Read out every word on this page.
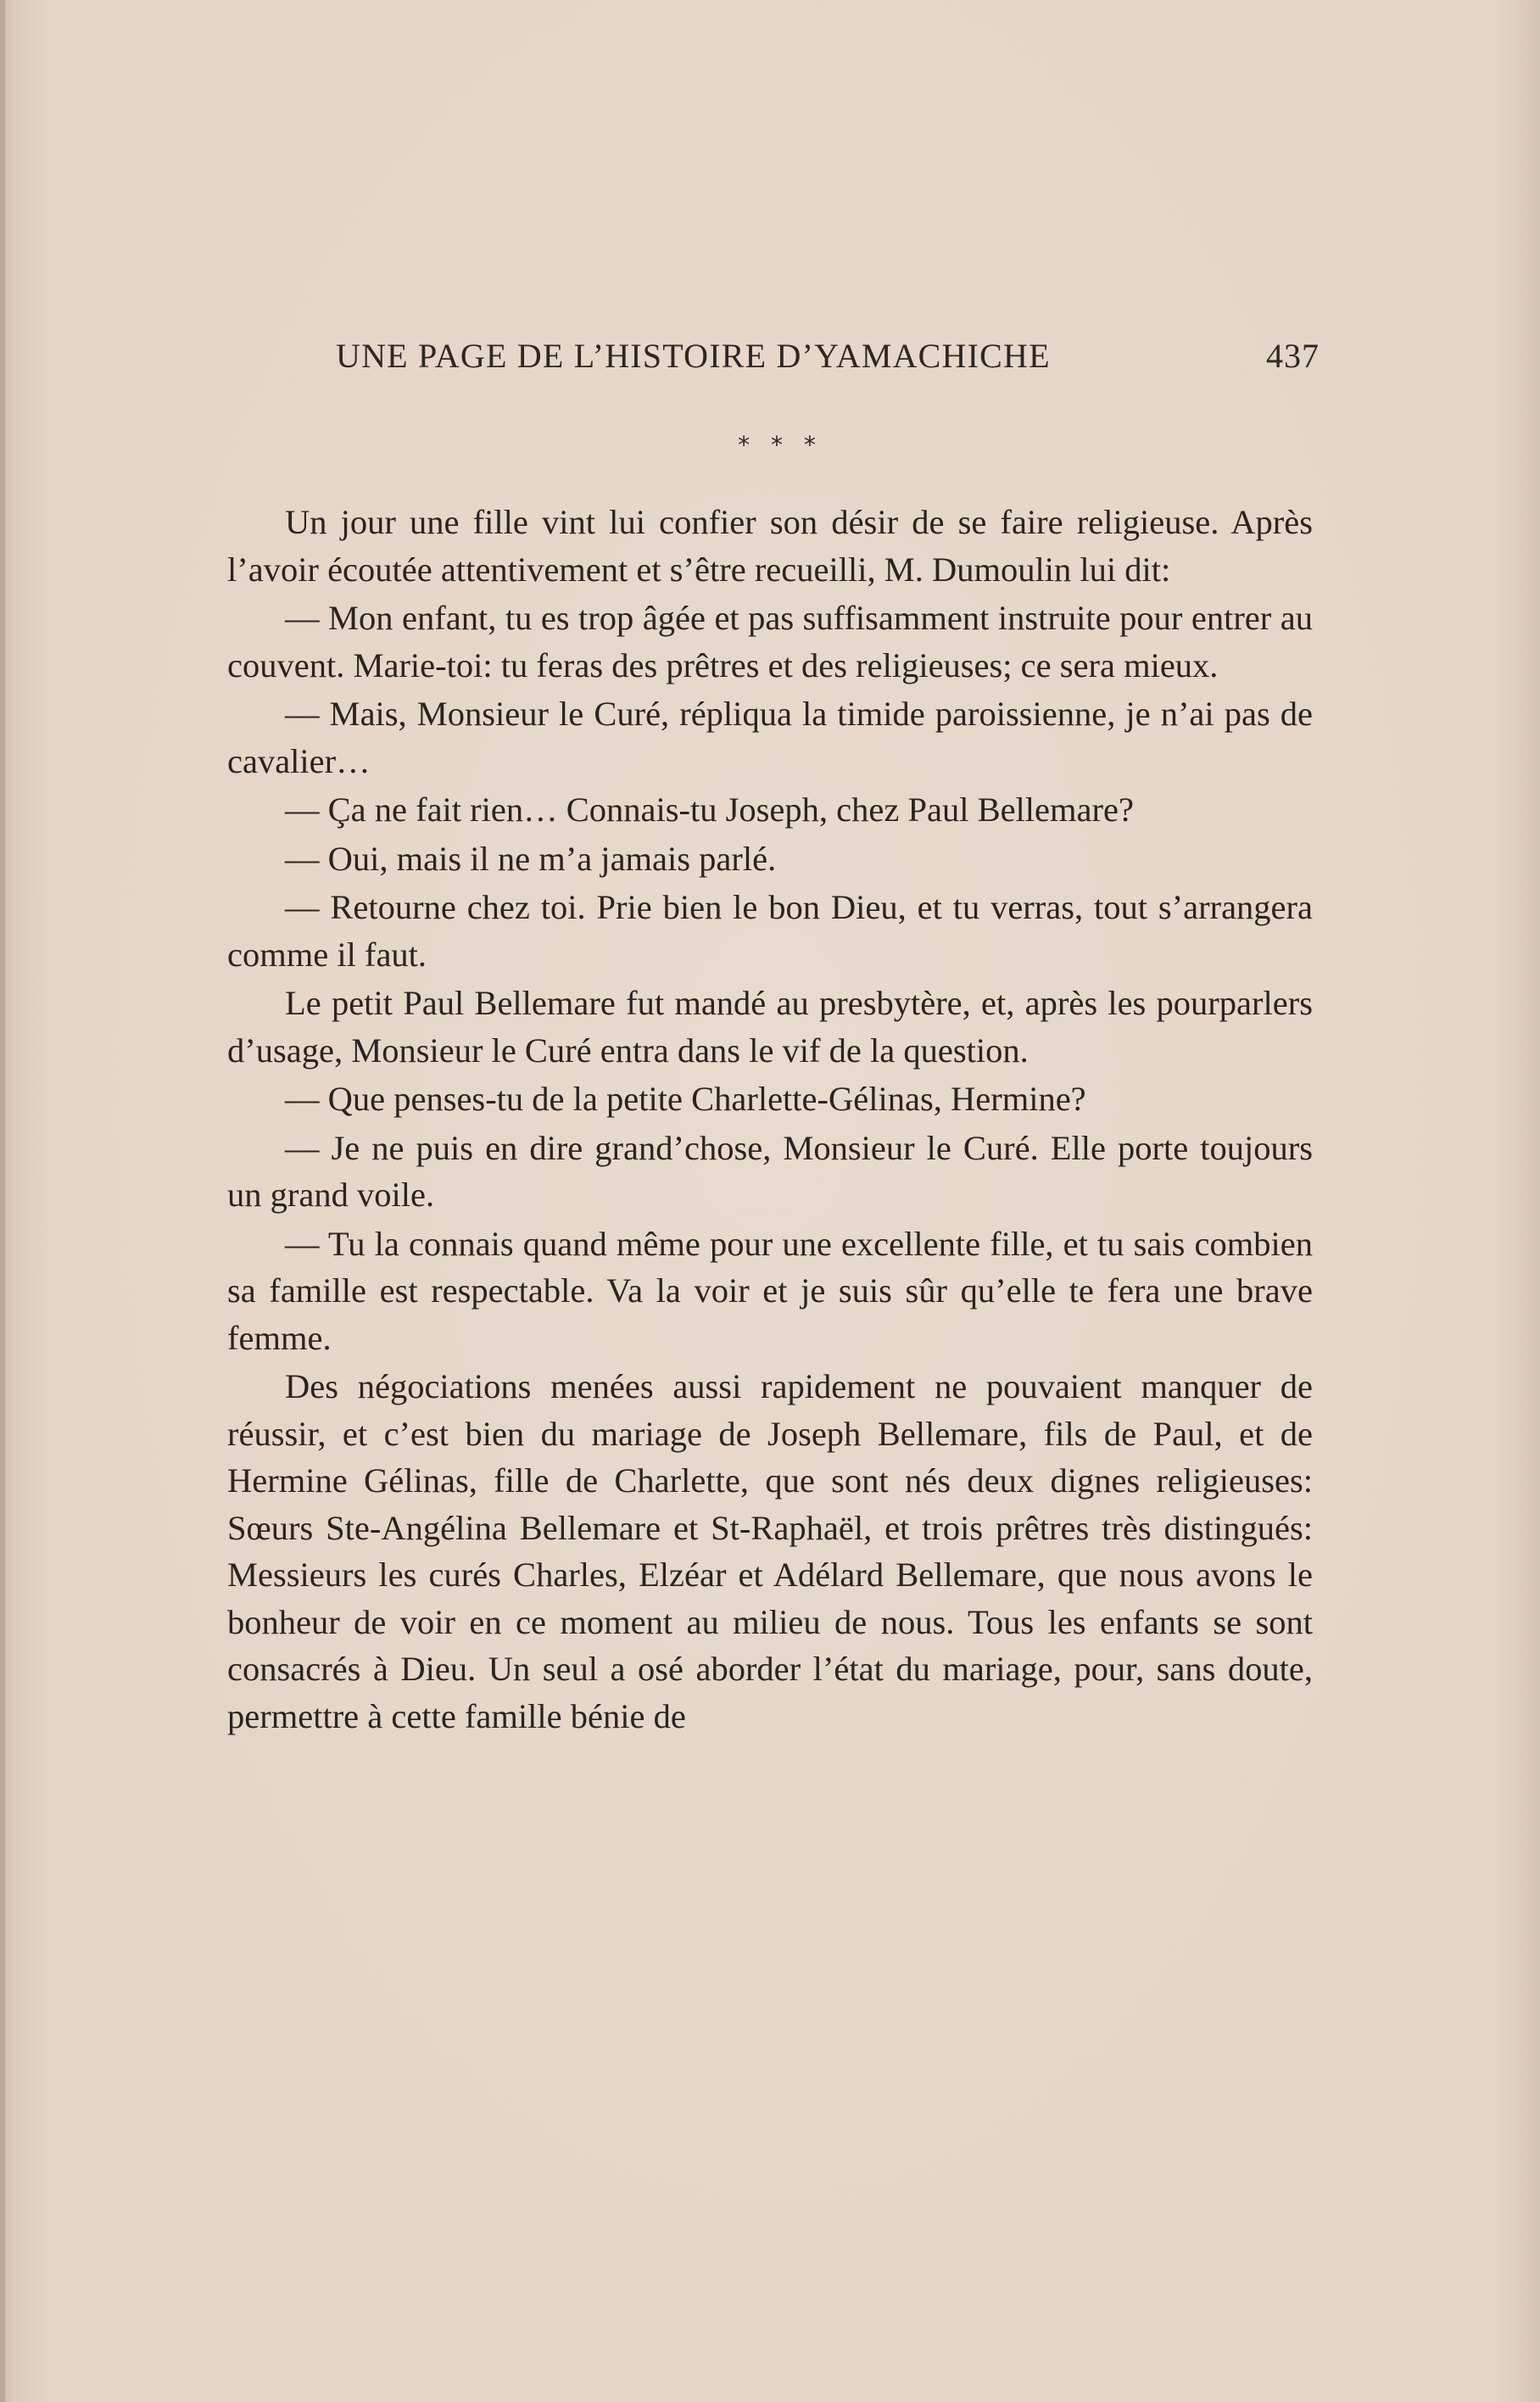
UNE PAGE DE L’HISTOIRE D’YAMACHICHE	437
* * *

Un jour une fille vint lui confier son désir de se faire religieuse. Après l’avoir écoutée attentivement et s’être recueilli, M. Dumoulin lui dit:

— Mon enfant, tu es trop âgée et pas suffisamment instruite pour entrer au couvent. Marie-toi: tu feras des prêtres et des religieuses; ce sera mieux.

— Mais, Monsieur le Curé, répliqua la timide paroissienne, je n’ai pas de cavalier…

— Ça ne fait rien… Connais-tu Joseph, chez Paul Bellemare?

— Oui, mais il ne m’a jamais parlé.

— Retourne chez toi. Prie bien le bon Dieu, et tu verras, tout s’arrangera comme il faut.

Le petit Paul Bellemare fut mandé au presbytère, et, après les pourparlers d’usage, Monsieur le Curé entra dans le vif de la question.

— Que penses-tu de la petite Charlette-Gélinas, Hermine?

— Je ne puis en dire grand’chose, Monsieur le Curé. Elle porte toujours un grand voile.

— Tu la connais quand même pour une excellente fille, et tu sais combien sa famille est respectable. Va la voir et je suis sûr qu’elle te fera une brave femme.

Des négociations menées aussi rapidement ne pouvaient manquer de réussir, et c’est bien du mariage de Joseph Bellemare, fils de Paul, et de Hermine Gélinas, fille de Charlette, que sont nés deux dignes religieuses: Sœurs Ste-Angélina Bellemare et St-Raphaël, et trois prêtres très distingués: Messieurs les curés Charles, Elzéar et Adélard Bellemare, que nous avons le bonheur de voir en ce moment au milieu de nous. Tous les enfants se sont consacrés à Dieu. Un seul a osé aborder l’état du mariage, pour, sans doute, permettre à cette famille bénie de
